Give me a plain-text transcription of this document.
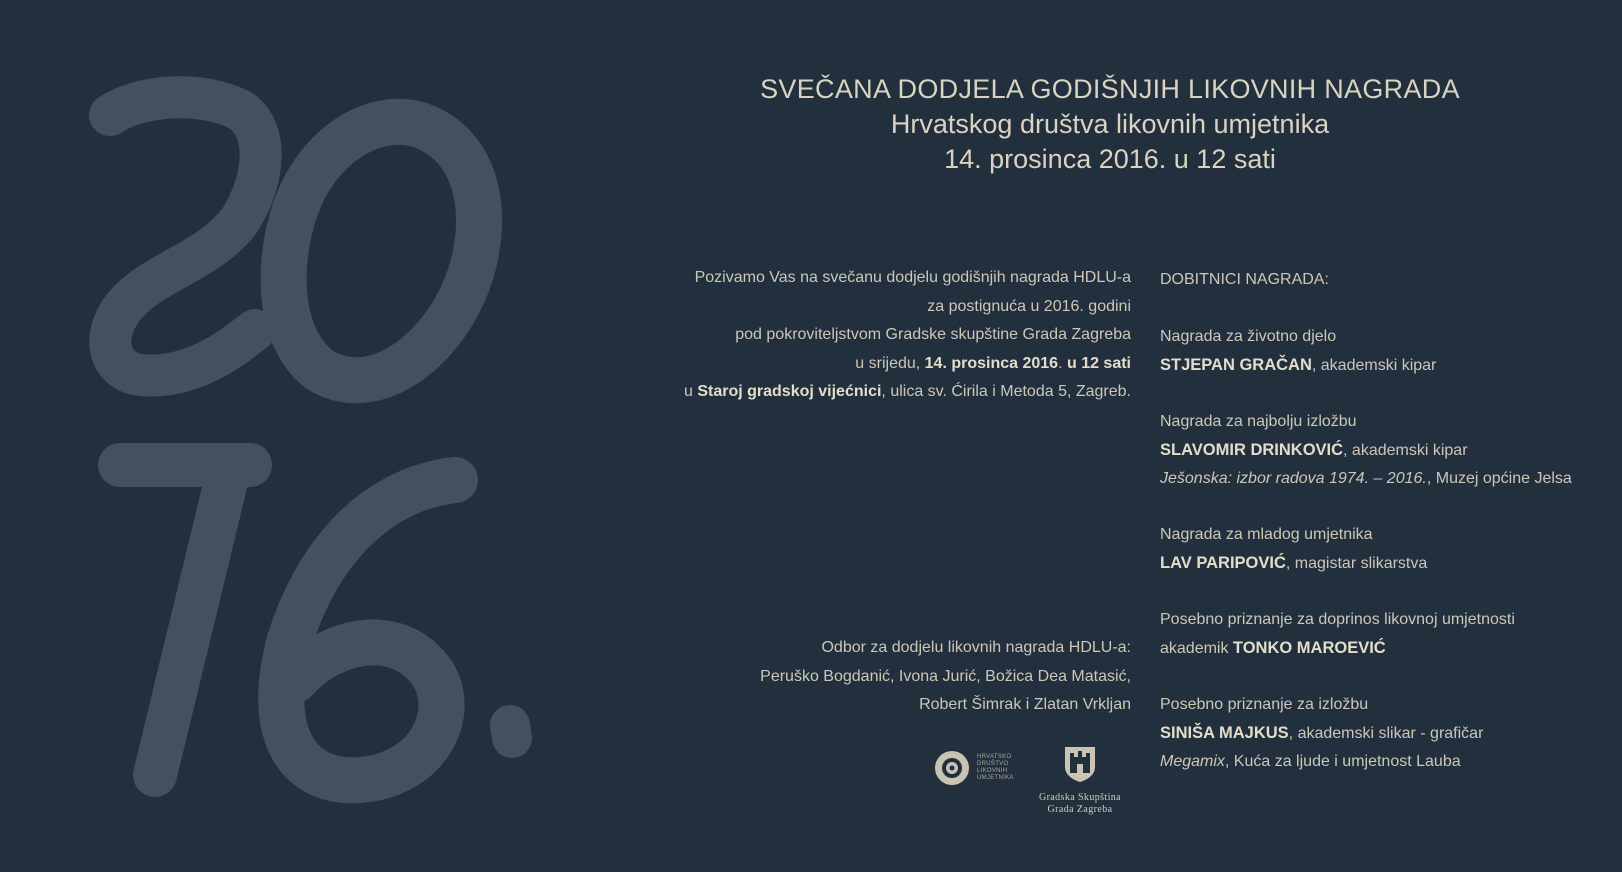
SVEČANA DODJELA GODIŠNJIH LIKOVNIH NAGRADA
Hrvatskog društva likovnih umjetnika
14. prosinca 2016. u 12 sati
Pozivamo Vas na svečanu dodjelu godišnjih nagrada HDLU-a
za postignuća u 2016. godini
pod pokroviteljstvom Gradske skupštine Grada Zagreba
u srijedu, 14. prosinca 2016. u 12 sati
u Staroj gradskoj vijećnici, ulica sv. Ćirila i Metoda 5, Zagreb.
Odbor za dodjelu likovnih nagrada HDLU-a:
Peruško Bogdanić, Ivona Jurić, Božica Dea Matasić,
Robert Šimrak i Zlatan Vrkljan
HRVATSKO
DRUŠTVO
LIKOVNIH
UMJETNIKA
Gradska Skupština
Grada Zagreba
DOBITNICI NAGRADA:
Nagrada za životno djelo
STJEPAN GRAČAN, akademski kipar
Nagrada za najbolju izložbu
SLAVOMIR DRINKOVIĆ, akademski kipar
Ješonska: izbor radova 1974. – 2016., Muzej općine Jelsa
Nagrada za mladog umjetnika
LAV PARIPOVIĆ, magistar slikarstva
Posebno priznanje za doprinos likovnoj umjetnosti
akademik TONKO MAROEVIĆ
Posebno priznanje za izložbu
SINIŠA MAJKUS, akademski slikar - grafičar
Megamix, Kuća za ljude i umjetnost Lauba
